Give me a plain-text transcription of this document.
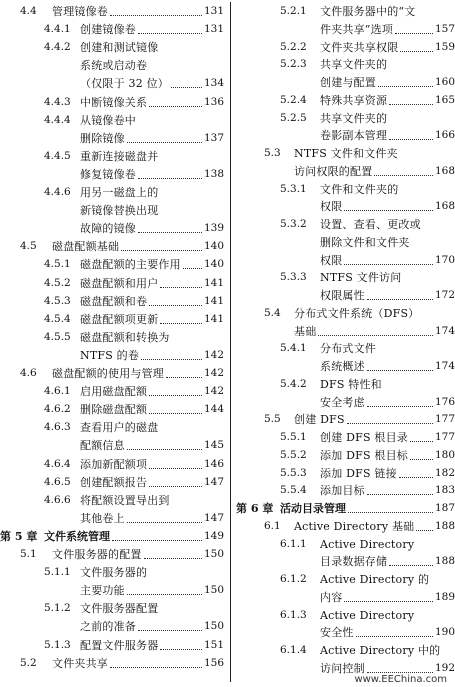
4.4 管理镜像卷	131
4.4.1 创建镜像卷	131
4.4.2 创建和测试镜像
系统或启动卷
（仅限于 32 位）	134
4.4.3 中断镜像关系	136
4.4.4 从镜像卷中
删除镜像	137
4.4.5 重新连接磁盘并
修复镜像卷	138
4.4.6 用另一磁盘上的
新镜像替换出现
故障的镜像	139
4.5 磁盘配额基础	140
4.5.1 磁盘配额的主要作用 140
4.5.2 磁盘配额和用户	141
4.5.3 磁盘配额和卷	141
4.5.4 磁盘配额项更新	141
4.5.5 磁盘配额和转换为
NTFS 的卷	142
4.6 磁盘配额的使用与管理	142
4.6.1 启用磁盘配额	142
4.6.2 删除磁盘配额	144
4.6.3 查看用户的磁盘
配额信息	145
4.6.4 添加新配额项	146
4.6.5 创建配额报告	147
4.6.6 将配额设置导出到
其他卷上	147
第 5 章 文件系统管理	149
5.1 文件服务器的配置	150
5.1.1 文件服务器的
主要功能	150
5.1.2 文件服务器配置
之前的准备	150
5.1.3 配置文件服务器	151
5.2 文件夹共享	156
5.2.1 文件服务器中的“文
件夹共享”选项	157
5.2.2 文件夹共享权限	159
5.2.3 共享文件夹的
创建与配置	160
5.2.4 特殊共享资源	165
5.2.5 共享文件夹的
卷影副本管理	166
5.3 NTFS 文件和文件夹
访问权限的配置	168
5.3.1 文件和文件夹的
权限	168
5.3.2 设置、查看、更改或
删除文件和文件夹
权限	170
5.3.3 NTFS 文件访问
权限属性	172
5.4 分布式文件系统（DFS）
基础	174
5.4.1 分布式文件
系统概述	174
5.4.2 DFS 特性和
安全考虑	176
5.5 创建 DFS	177
5.5.1 创建 DFS 根目录	177
5.5.2 添加 DFS 根目标	180
5.5.3 添加 DFS 链接	182
5.5.4 添加目标	183
第 6 章 活动目录管理	187
6.1 Active Directory 基础 188
6.1.1 Active Directory
目录数据存储	188
6.1.2 Active Directory 的
内容	189
6.1.3 Active Directory
安全性	190
6.1.4 Active Directory 中的
访问控制	192
www.EEChina.com
